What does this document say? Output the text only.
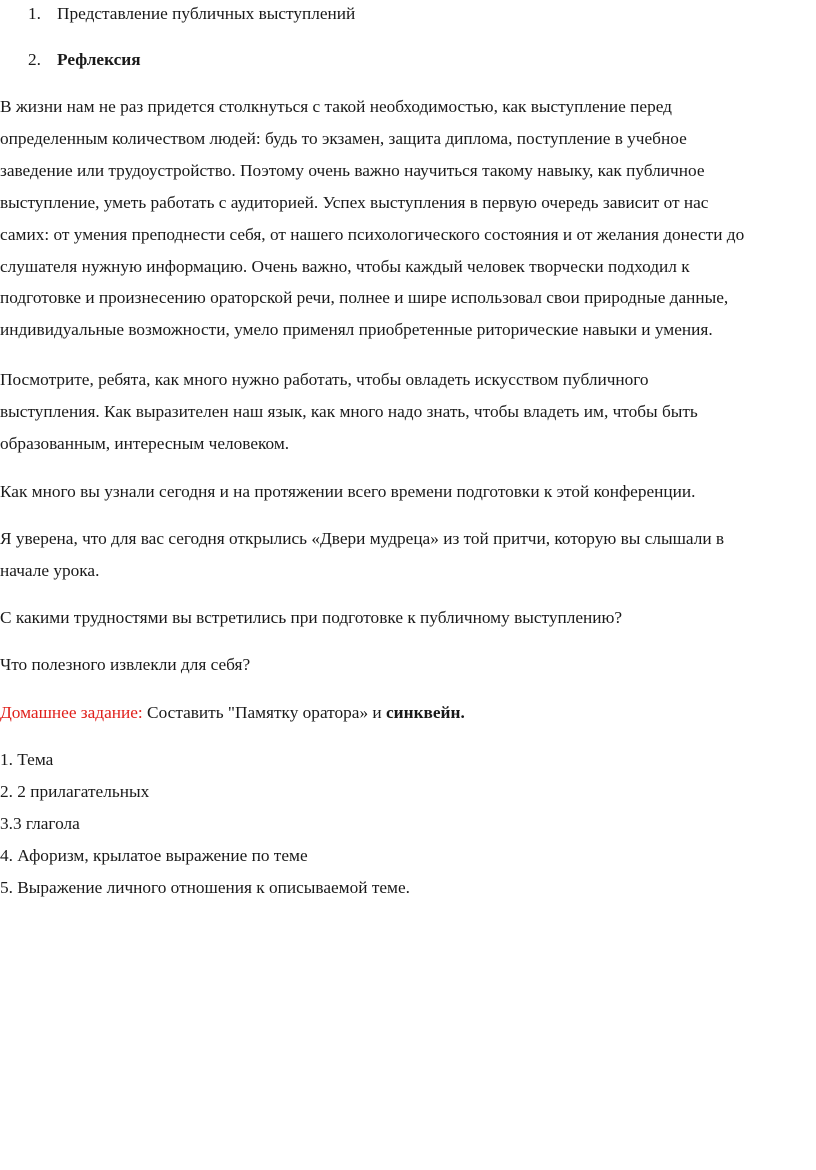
1. Представление публичных выступлений
2. Рефлексия
В жизни нам не раз придется столкнуться с такой необходимостью, как выступление перед
определенным количеством людей: будь то экзамен, защита диплома, поступление в учебное
заведение или трудоустройство. Поэтому очень важно научиться такому навыку, как публичное
выступление, уметь работать с аудиторией. Успех выступления в первую очередь зависит от нас
самих: от умения преподнести себя, от нашего психологического состояния и от желания донести до
слушателя нужную информацию. Очень важно, чтобы каждый человек творчески подходил к
подготовке и произнесению ораторской речи, полнее и шире использовал свои природные данные,
индивидуальные возможности, умело применял приобретенные риторические навыки и умения.
Посмотрите, ребята, как много нужно работать, чтобы овладеть искусством публичного
выступления. Как выразителен наш язык, как много надо знать, чтобы владеть им, чтобы быть
образованным, интересным человеком.
Как много вы узнали сегодня и на протяжении всего времени подготовки к этой конференции.
Я уверена, что для вас сегодня открылись «Двери мудреца» из той притчи, которую вы слышали в
начале урока.
С какими трудностями вы встретились при подготовке к публичному выступлению?
Что полезного извлекли для себя?
Домашнее задание: Составить "Памятку оратора» и синквейн.
1. Тема
2. 2 прилагательных
3.3 глагола
4. Афоризм, крылатое выражение по теме
5. Выражение личного отношения к описываемой теме.
